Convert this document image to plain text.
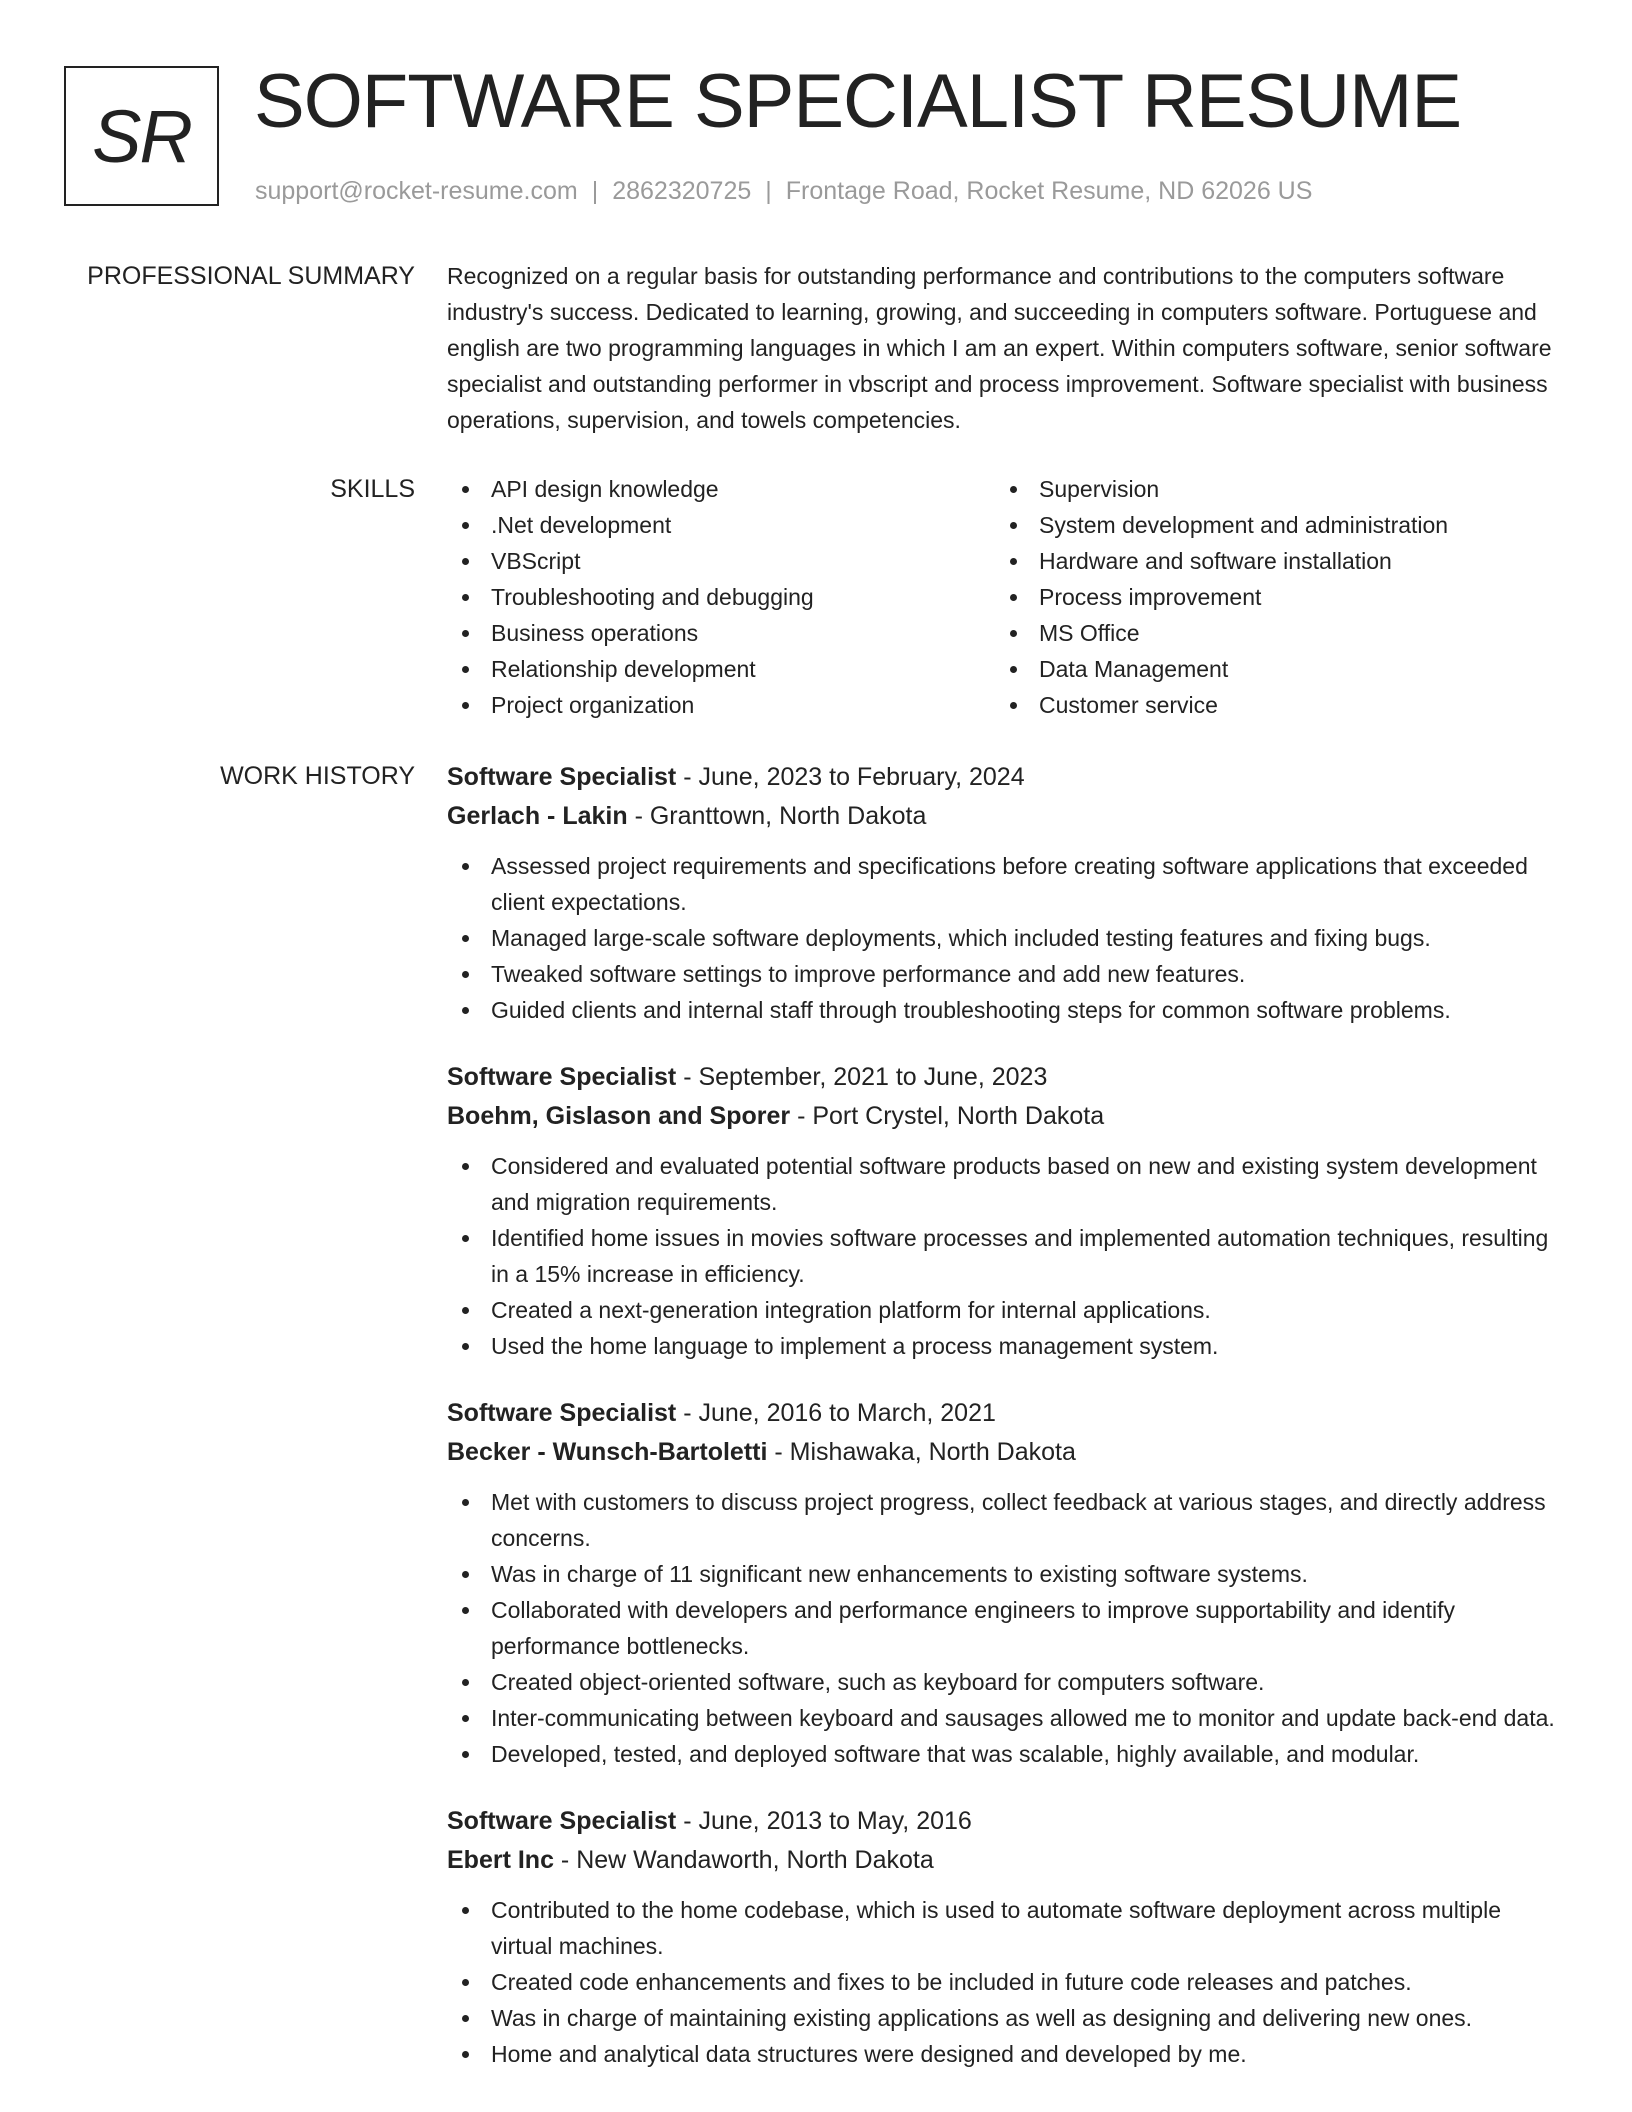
SR SOFTWARE SPECIALIST RESUME
support@rocket-resume.com | 2862320725 | Frontage Road, Rocket Resume, ND 62026 US
PROFESSIONAL SUMMARY Recognized on a regular basis for outstanding performance and contributions to the computers software industry's success. Dedicated to learning, growing, and succeeding in computers software. Portuguese and english are two programming languages in which I am an expert. Within computers software, senior software specialist and outstanding performer in vbscript and process improvement. Software specialist with business operations, supervision, and towels competencies.

SKILLS	API design knowledge
.Net development
VBScript
Troubleshooting and debugging
Business operations
Relationship development
Project organization
Supervision
System development and administration
Hardware and software installation
Process improvement
MS Office
Data Management
Customer service
WORK HISTORY Software Specialist - June, 2023 to February, 2024
Gerlach - Lakin - Granttown, North Dakota
Assessed project requirements and specifications before creating software applications that exceeded client expectations.
Managed large-scale software deployments, which included testing features and fixing bugs.
Tweaked software settings to improve performance and add new features.
Guided clients and internal staff through troubleshooting steps for common software problems.
Software Specialist - September, 2021 to June, 2023
Boehm, Gislason and Sporer - Port Crystel, North Dakota
Considered and evaluated potential software products based on new and existing system development and migration requirements.
Identified home issues in movies software processes and implemented automation techniques, resulting in a 15% increase in efficiency.
Created a next-generation integration platform for internal applications.
Used the home language to implement a process management system.
Software Specialist - June, 2016 to March, 2021
Becker - Wunsch-Bartoletti - Mishawaka, North Dakota
Met with customers to discuss project progress, collect feedback at various stages, and directly address concerns.
Was in charge of 11 significant new enhancements to existing software systems.
Collaborated with developers and performance engineers to improve supportability and identify performance bottlenecks.
Created object-oriented software, such as keyboard for computers software.
Inter-communicating between keyboard and sausages allowed me to monitor and update back-end data.
Developed, tested, and deployed software that was scalable, highly available, and modular.
Software Specialist - June, 2013 to May, 2016
Ebert Inc - New Wandaworth, North Dakota
Contributed to the home codebase, which is used to automate software deployment across multiple virtual machines.
Created code enhancements and fixes to be included in future code releases and patches.
Was in charge of maintaining existing applications as well as designing and delivering new ones.
Home and analytical data structures were designed and developed by me.
